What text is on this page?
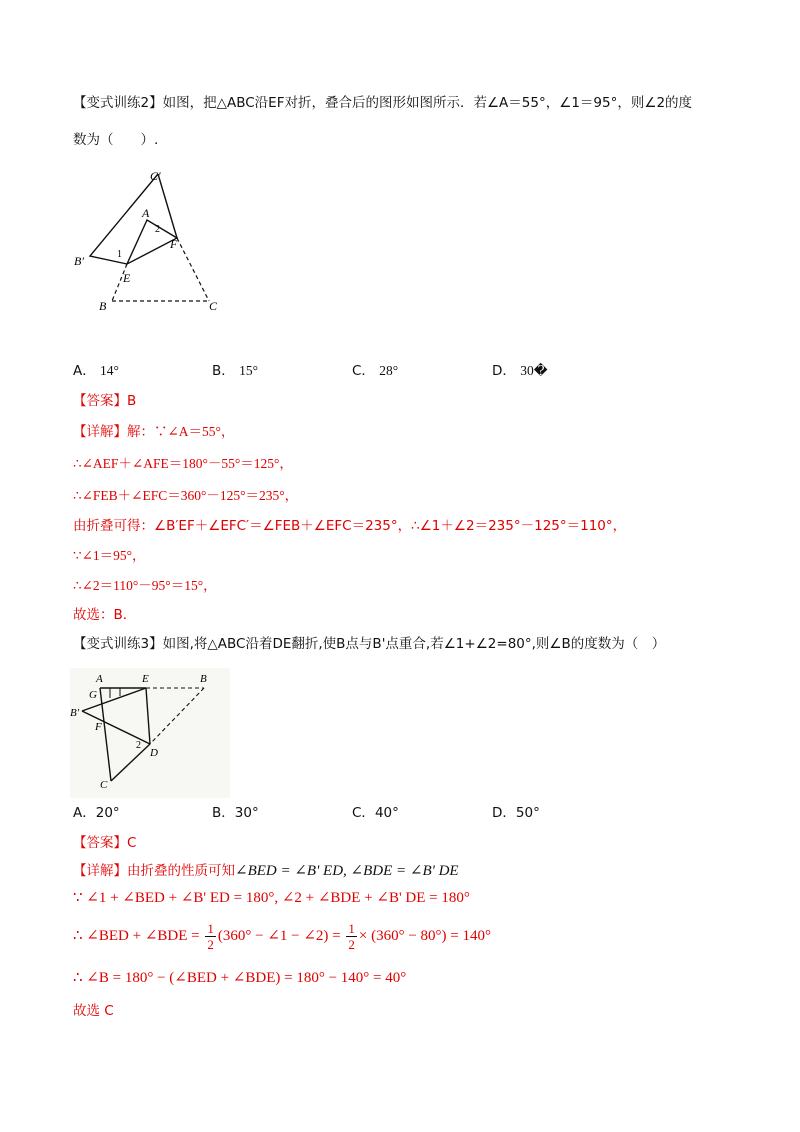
【变式训练2】如图，把△ABC沿EF对折，叠合后的图形如图所示．若∠A＝55°，∠1＝95°，则∠2的度
数为（　　）.
C′
A
2
F
B′	1
E
B	C
A． 14°	B． 15°	C． 28°	D． 30�
【答案】B
【详解】解：∵∠A＝55°，
∴∠AEF＋∠AFE＝180°－55°＝125°，
∴∠FEB＋∠EFC＝360°－125°＝235°，
由折叠可得：∠B′EF＋∠EFC′＝∠FEB＋∠EFC＝235°，∴∠1＋∠2＝235°－125°＝110°，
∵∠1＝95°，
∴∠2＝110°－95°＝15°，
故选：B．
【变式训练3】如图,将△ABC沿着DE翻折,使B点与B'点重合,若∠1+∠2=80°,则∠B的度数为（　）
A	E	B
G
B'
F
2
D
C
A．20°	B．30°	C．40°	D．50°
【答案】C
【详解】由折叠的性质可知∠BED = ∠B' ED, ∠BDE = ∠B' DE
∵ ∠1 + ∠BED + ∠B' ED = 180°, ∠2 + ∠BDE + ∠B' DE = 180°
∴ ∠BED + ∠BDE = $\frac{1}{2} (360^\circ$ − ∠1 − ∠2) = $\frac{1}{2} \times (360^\circ - 80^\circ) = 140^\circ$
∴ ∠B = 180° − (∠BED + ∠BDE) = 180° − 140° = 40°
故选 C
